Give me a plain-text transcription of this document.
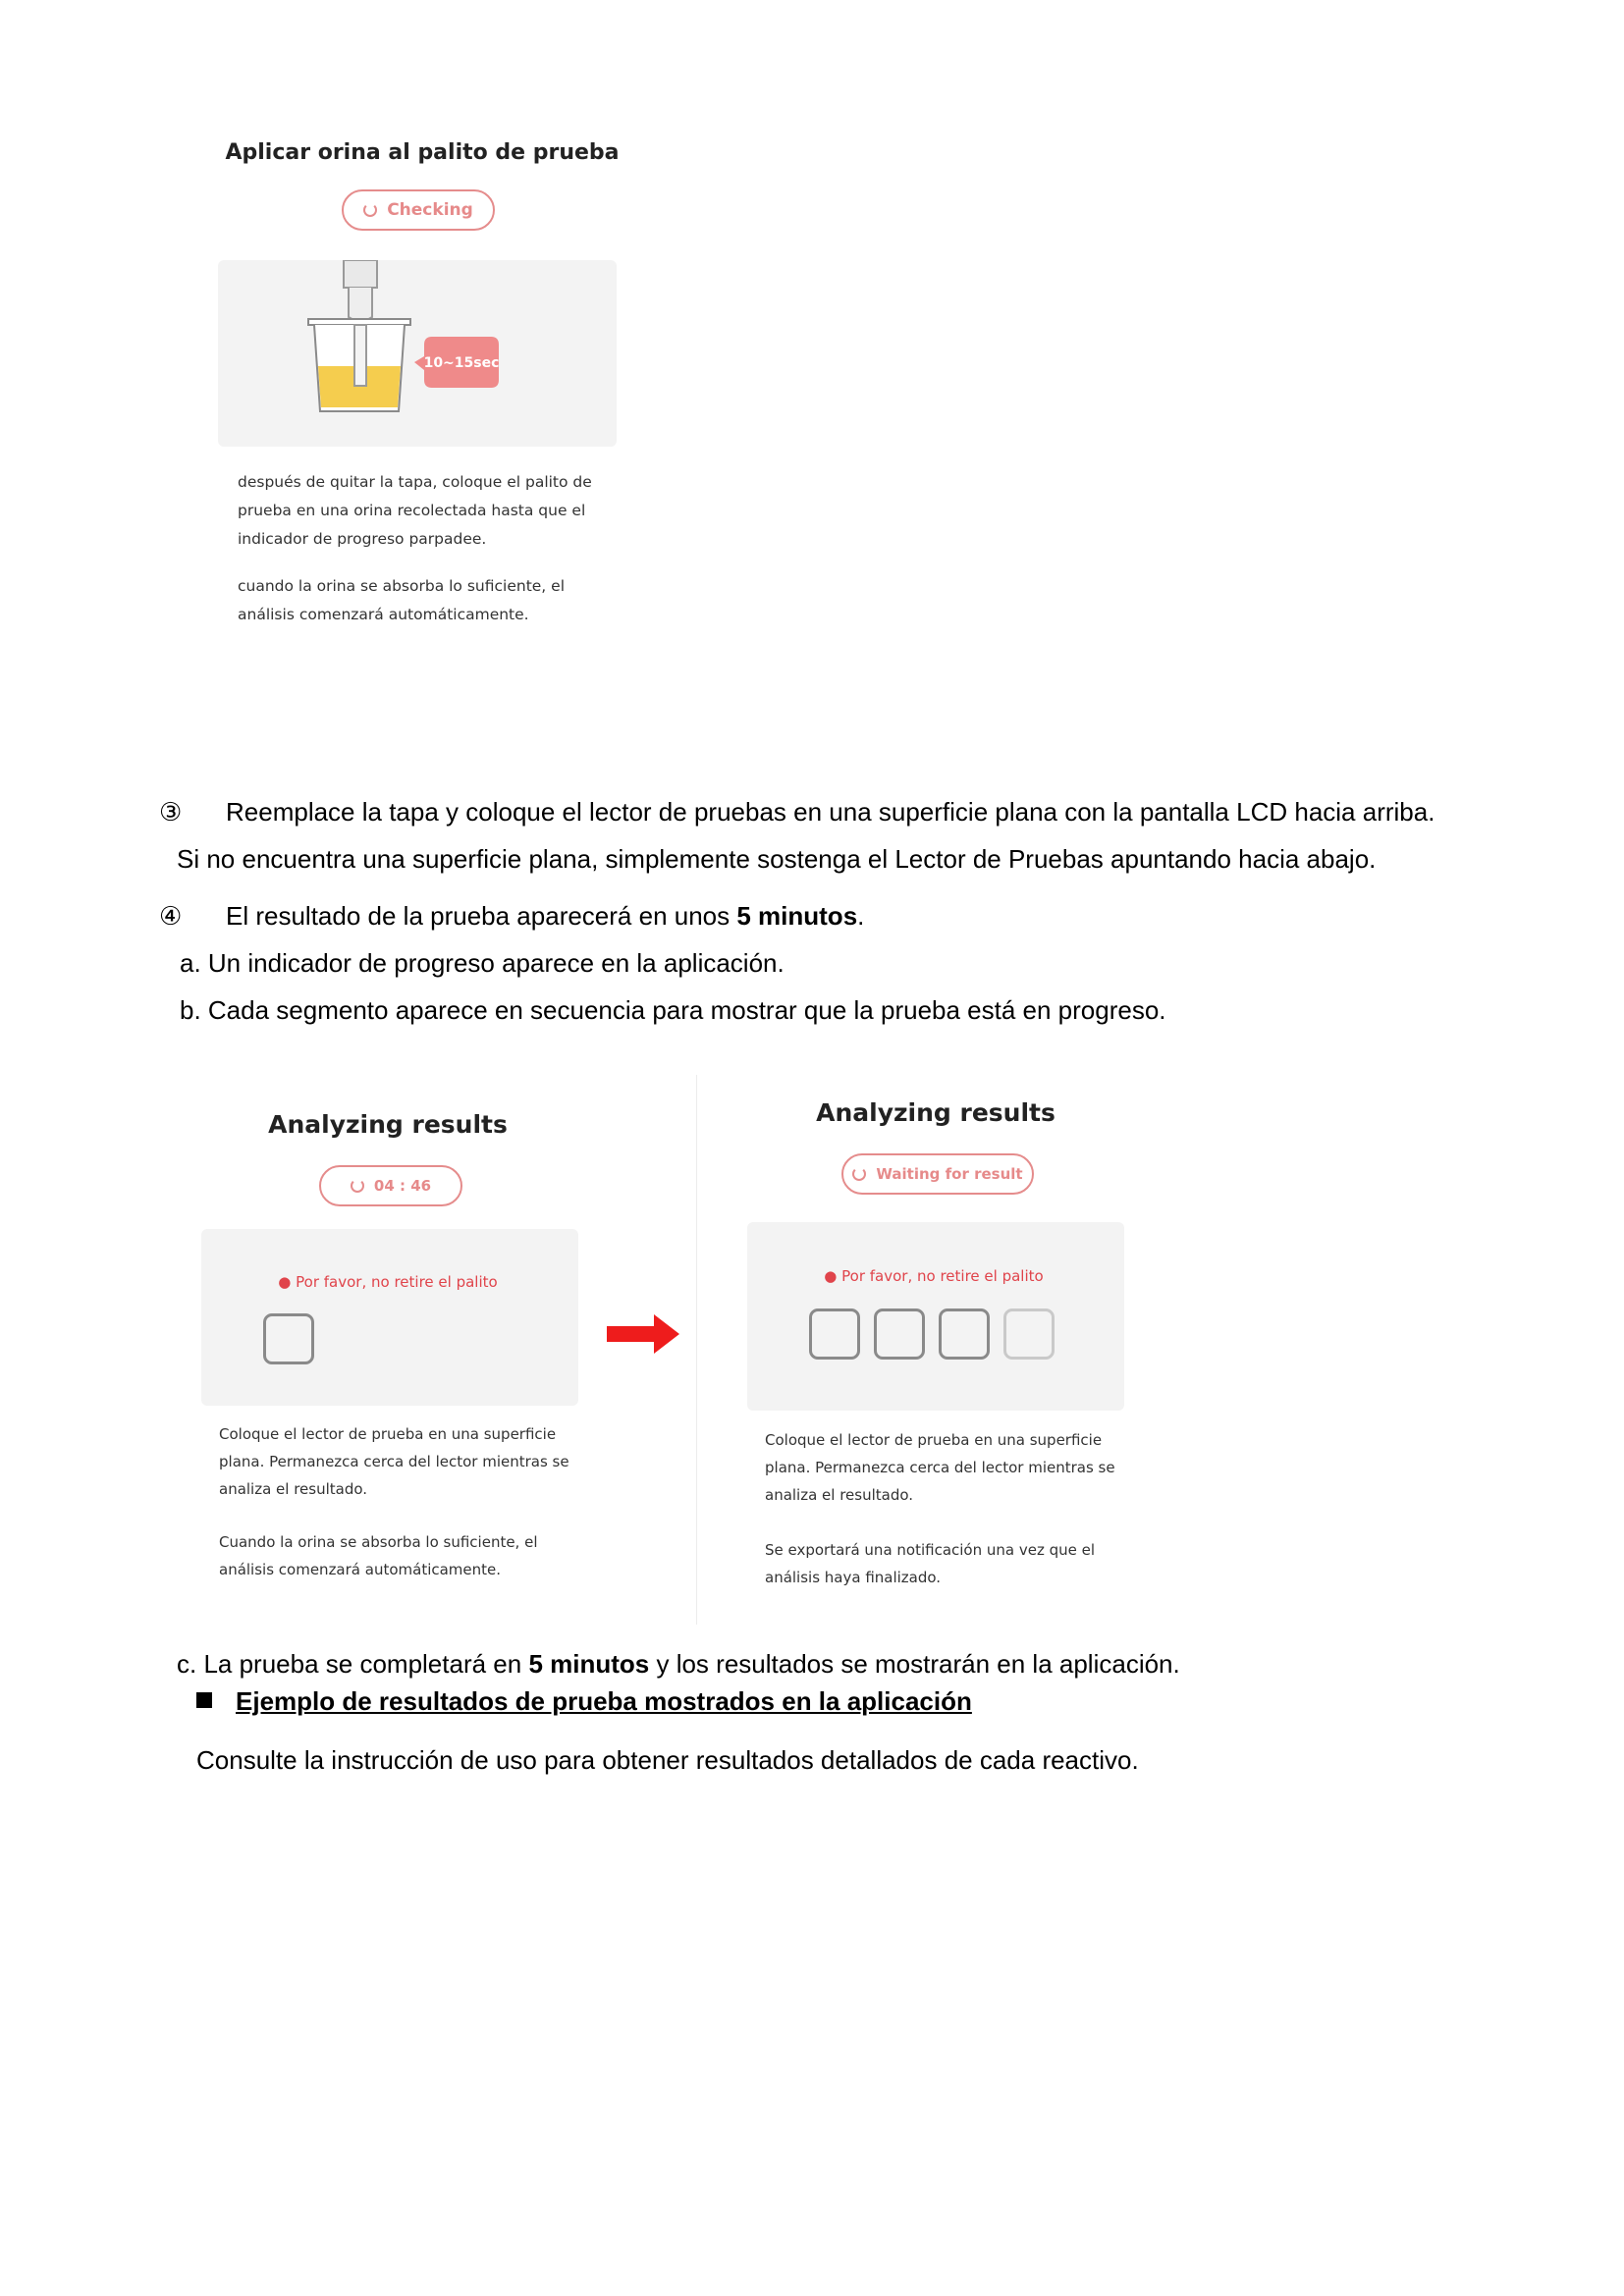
Aplicar orina al palito de prueba
Checking
10~15sec
después de quitar la tapa, coloque el palito de
prueba en una orina recolectada hasta que el
indicador de progreso parpadee.
cuando la orina se absorba lo suficiente, el
análisis comenzará automáticamente.
③ Reemplace la tapa y coloque el lector de pruebas en una superficie plana con la pantalla LCD hacia arriba.
Si no encuentra una superficie plana, simplemente sostenga el Lector de Pruebas apuntando hacia abajo.
④ El resultado de la prueba aparecerá en unos 5 minutos.
a. Un indicador de progreso aparece en la aplicación.
b. Cada segmento aparece en secuencia para mostrar que la prueba está en progreso.
Analyzing results
04 : 46
● Por favor, no retire el palito
Coloque el lector de prueba en una superficie
plana. Permanezca cerca del lector mientras se
analiza el resultado.
Cuando la orina se absorba lo suficiente, el
análisis comenzará automáticamente.
Analyzing results
Waiting for result
● Por favor, no retire el palito
Coloque el lector de prueba en una superficie
plana. Permanezca cerca del lector mientras se
analiza el resultado.
Se exportará una notificación una vez que el
análisis haya finalizado.
c. La prueba se completará en 5 minutos y los resultados se mostrarán en la aplicación.
Ejemplo de resultados de prueba mostrados en la aplicación
Consulte la instrucción de uso para obtener resultados detallados de cada reactivo.
